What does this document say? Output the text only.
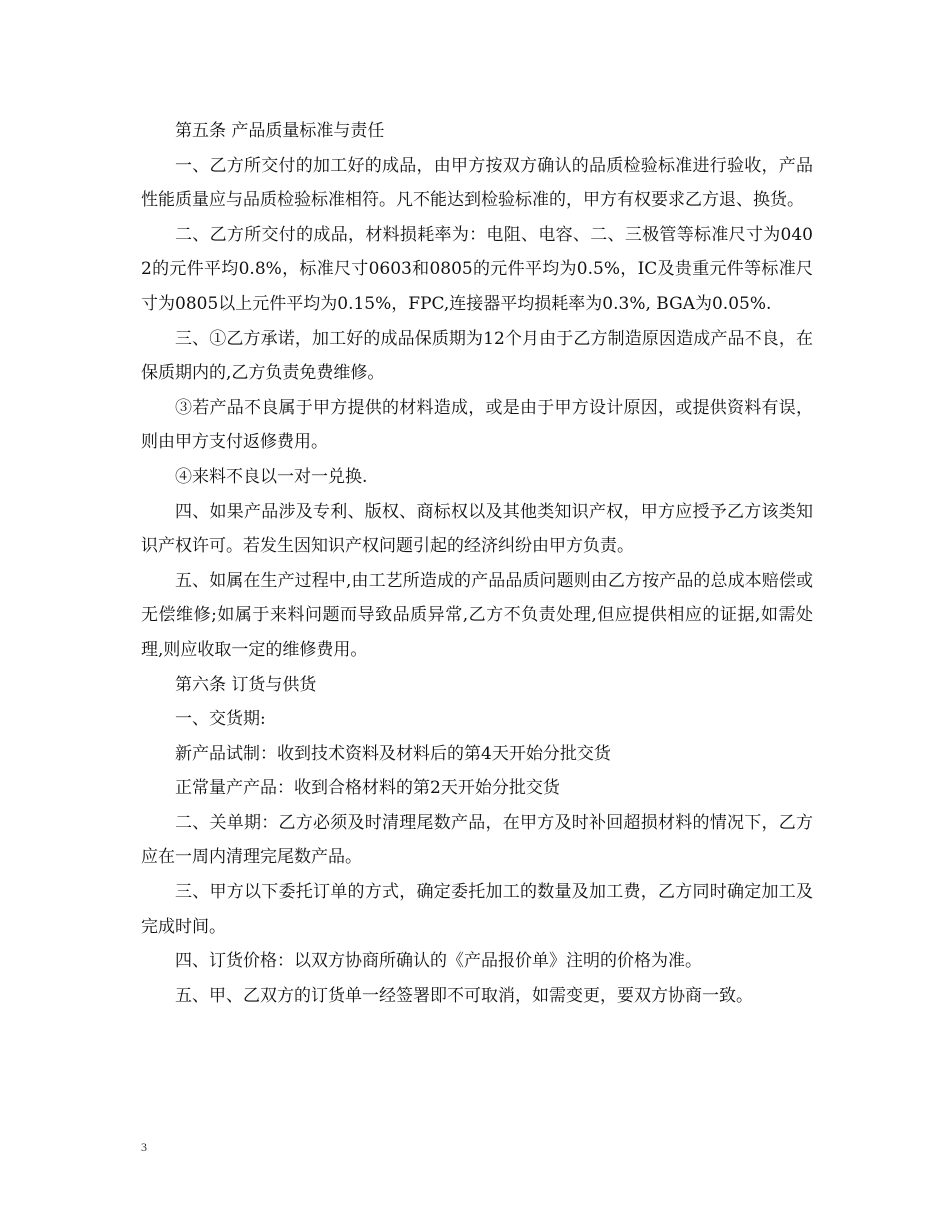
第五条 产品质量标准与责任

一、乙方所交付的加工好的成品，由甲方按双方确认的品质检验标准进行验收，产品性能质量应与品质检验标准相符。凡不能达到检验标准的，甲方有权要求乙方退、换货。

二、乙方所交付的成品，材料损耗率为：电阻、电容、二、三极管等标准尺寸为0402的元件平均0.8%，标准尺寸0603和0805的元件平均为0.5%，IC及贵重元件等标准尺寸为0805以上元件平均为0.15%，FPC,连接器平均损耗率为0.3%, BGA为0.05%.

三、①乙方承诺，加工好的成品保质期为12个月由于乙方制造原因造成产品不良，在保质期内的,乙方负责免费维修。

③若产品不良属于甲方提供的材料造成，或是由于甲方设计原因，或提供资料有误，则由甲方支付返修费用。

④来料不良以一对一兑换.

四、如果产品涉及专利、版权、商标权以及其他类知识产权，甲方应授予乙方该类知识产权许可。若发生因知识产权问题引起的经济纠纷由甲方负责。

五、如属在生产过程中,由工艺所造成的产品品质问题则由乙方按产品的总成本赔偿或无偿维修;如属于来料问题而导致品质异常,乙方不负责处理,但应提供相应的证据,如需处理,则应收取一定的维修费用。

第六条 订货与供货

一、交货期:

新产品试制：收到技术资料及材料后的第4天开始分批交货

正常量产产品：收到合格材料的第2天开始分批交货

二、关单期：乙方必须及时清理尾数产品，在甲方及时补回超损材料的情况下，乙方应在一周内清理完尾数产品。

三、甲方以下委托订单的方式，确定委托加工的数量及加工费，乙方同时确定加工及完成时间。

四、订货价格：以双方协商所确认的《产品报价单》注明的价格为准。

五、甲、乙双方的订货单一经签署即不可取消，如需变更，要双方协商一致。

3
